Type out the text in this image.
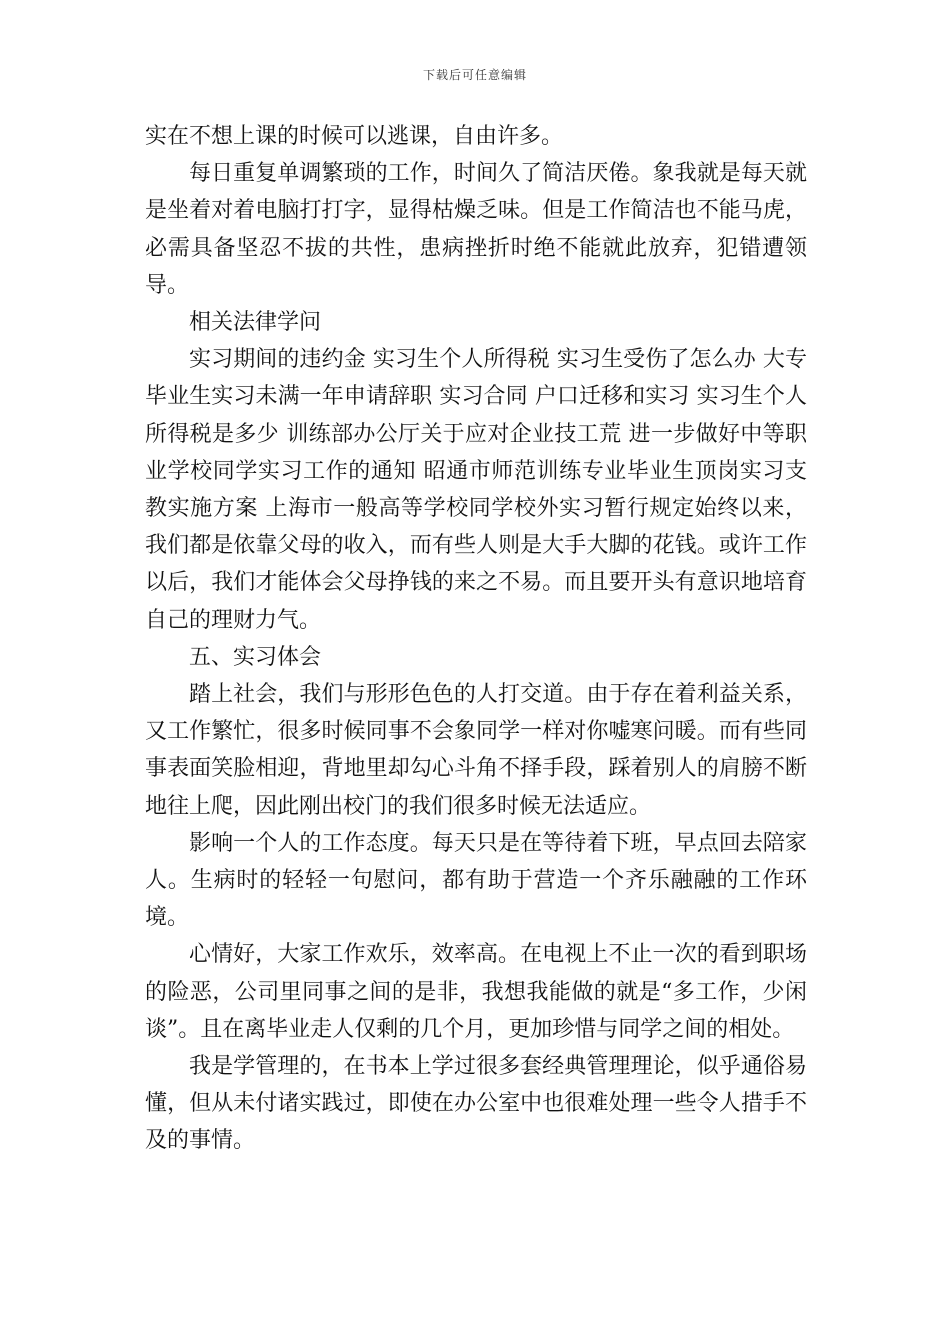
下载后可任意编辑

实在不想上课的时候可以逃课，自由许多。

每日重复单调繁琐的工作，时间久了简洁厌倦。象我就是每天就是坐着对着电脑打打字，显得枯燥乏味。但是工作简洁也不能马虎，必需具备坚忍不拔的共性，患病挫折时绝不能就此放弃，犯错遭领导。

相关法律学问

实习期间的违约金 实习生个人所得税 实习生受伤了怎么办 大专毕业生实习未满一年申请辞职 实习合同 户口迁移和实习 实习生个人所得税是多少 训练部办公厅关于应对企业技工荒 进一步做好中等职业学校同学实习工作的通知 昭通市师范训练专业毕业生顶岗实习支教实施方案 上海市一般高等学校同学校外实习暂行规定始终以来，我们都是依靠父母的收入，而有些人则是大手大脚的花钱。或许工作以后，我们才能体会父母挣钱的来之不易。而且要开头有意识地培育自己的理财力气。

五、实习体会

踏上社会，我们与形形色色的人打交道。由于存在着利益关系，又工作繁忙，很多时候同事不会象同学一样对你嘘寒问暖。而有些同事表面笑脸相迎，背地里却勾心斗角不择手段，踩着别人的肩膀不断地往上爬，因此刚出校门的我们很多时候无法适应。

影响一个人的工作态度。每天只是在等待着下班，早点回去陪家人。生病时的轻轻一句慰问，都有助于营造一个齐乐融融的工作环境。

心情好，大家工作欢乐，效率高。在电视上不止一次的看到职场的险恶，公司里同事之间的是非，我想我能做的就是“多工作，少闲谈”。且在离毕业走人仅剩的几个月，更加珍惜与同学之间的相处。

我是学管理的，在书本上学过很多套经典管理理论，似乎通俗易懂，但从未付诸实践过，即使在办公室中也很难处理一些令人措手不及的事情。
